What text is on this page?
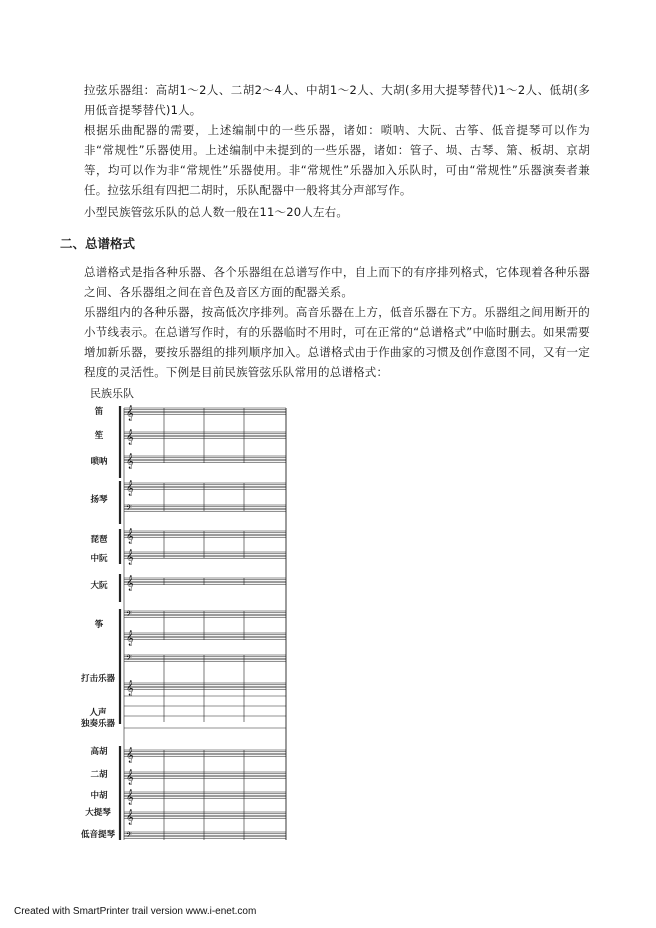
拉弦乐器组：高胡1～2人、二胡2～4人、中胡1～2人、大胡(多用大提琴替代)1～2人、低胡(多用低音提琴替代)1人。

根据乐曲配器的需要，上述编制中的一些乐器，诸如：唢呐、大阮、古筝、低音提琴可以作为非“常规性”乐器使用。上述编制中未提到的一些乐器，诸如：管子、埙、古琴、箫、板胡、京胡等，均可以作为非“常规性”乐器使用。非“常规性”乐器加入乐队时，可由“常规性”乐器演奏者兼任。拉弦乐组有四把二胡时，乐队配器中一般将其分声部写作。

小型民族管弦乐队的总人数一般在11～20人左右。

二、总谱格式

总谱格式是指各种乐器、各个乐器组在总谱写作中，自上而下的有序排列格式，它体现着各种乐器之间、各乐器组之间在音色及音区方面的配器关系。

乐器组内的各种乐器，按高低次序排列。高音乐器在上方，低音乐器在下方。乐器组之间用断开的小节线表示。在总谱写作时，有的乐器临时不用时，可在正常的“总谱格式”中临时删去。如果需要增加新乐器，要按乐器组的排列顺序加入。总谱格式由于作曲家的习惯及创作意图不同，又有一定程度的灵活性。下例是目前民族管弦乐队常用的总谱格式：

民族乐队

𝄞
𝄞
𝄞
𝄞
𝄢
𝄞
𝄞
𝄞
𝄢
𝄞
𝄢
𝄞
𝄞
𝄞
𝄞
𝄞
𝄢
笛
笙
唢呐
扬琴
琵琶
中阮
大阮
筝
打击乐器
人声
独奏乐器
高胡
二胡
中胡
大提琴
低音提琴
Created with SmartPrinter trail version www.i-enet.com
